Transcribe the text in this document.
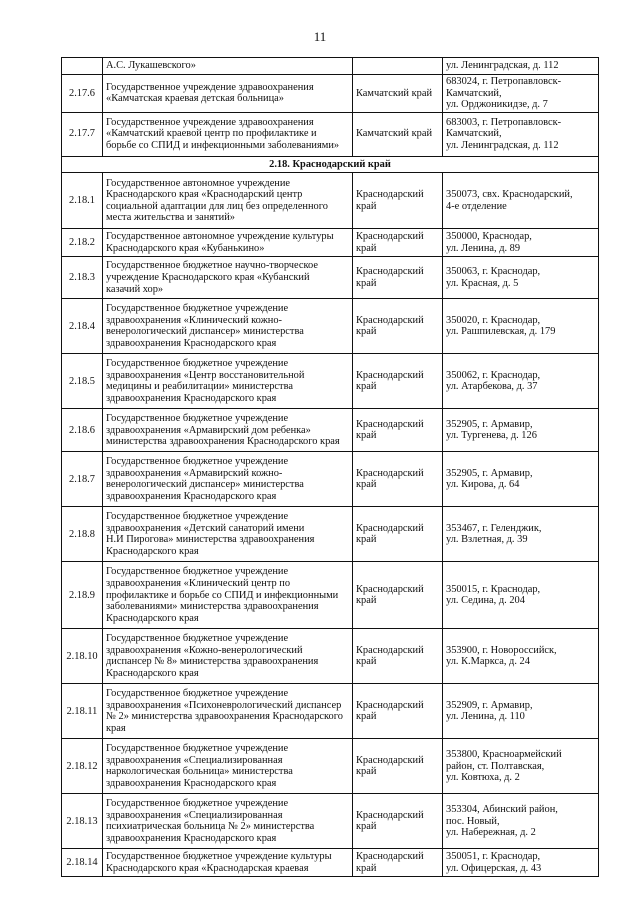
11
	А.С. Лукашевского»		ул. Ленинградская, д. 112
2.17.6	Государственное учреждение здравоохранения
«Камчатская краевая детская больница»	Камчатский край	683024, г. Петропавловск-
Камчатский,
ул. Орджоникидзе, д. 7
2.17.7	Государственное учреждение здравоохранения
«Камчатский краевой центр по профилактике и
борьбе со СПИД и инфекционными заболеваниями»	Камчатский край	683003, г. Петропавловск-
Камчатский,
ул. Ленинградская, д. 112
2.18. Краснодарский край			
2.18.1	Государственное автономное учреждение
Краснодарского края «Краснодарский центр
социальной адаптации для лиц без определенного
места жительства и занятий»	Краснодарский
край	350073, свх. Краснодарский,
4-е отделение
2.18.2	Государственное автономное учреждение культуры
Краснодарского края «Кубанькино»	Краснодарский
край	350000, Краснодар,
ул. Ленина, д. 89
2.18.3	Государственное бюджетное научно-творческое
учреждение Краснодарского края «Кубанский
казачий хор»	Краснодарский
край	350063, г. Краснодар,
ул. Красная, д. 5
2.18.4	Государственное бюджетное учреждение
здравоохранения «Клинический кожно-
венерологический диспансер» министерства
здравоохранения Краснодарского края	Краснодарский
край	350020, г. Краснодар,
ул. Рашпилевская, д. 179
2.18.5	Государственное бюджетное учреждение
здравоохранения «Центр восстановительной
медицины и реабилитации» министерства
здравоохранения Краснодарского края	Краснодарский
край	350062, г. Краснодар,
ул. Атарбекова, д. 37
2.18.6	Государственное бюджетное учреждение
здравоохранения «Армавирский дом ребенка»
министерства здравоохранения Краснодарского края	Краснодарский
край	352905, г. Армавир,
ул. Тургенева, д. 126
2.18.7	Государственное бюджетное учреждение
здравоохранения «Армавирский кожно-
венерологический диспансер» министерства
здравоохранения Краснодарского края	Краснодарский
край	352905, г. Армавир,
ул. Кирова, д. 64
2.18.8	Государственное бюджетное учреждение
здравоохранения «Детский санаторий имени
Н.И Пирогова» министерства здравоохранения
Краснодарского края	Краснодарский
край	353467, г. Геленджик,
ул. Взлетная, д. 39
2.18.9	Государственное бюджетное учреждение
здравоохранения «Клинический центр по
профилактике и борьбе со СПИД и инфекционными
заболеваниями» министерства здравоохранения
Краснодарского края	Краснодарский
край	350015, г. Краснодар,
ул. Седина, д. 204
2.18.10	Государственное бюджетное учреждение
здравоохранения «Кожно-венерологический
диспансер № 8» министерства здравоохранения
Краснодарского края	Краснодарский
край	353900, г. Новороссийск,
ул. К.Маркса, д. 24
2.18.11	Государственное бюджетное учреждение
здравоохранения «Психоневрологический диспансер
№ 2» министерства здравоохранения Краснодарского
края	Краснодарский
край	352909, г. Армавир,
ул. Ленина, д. 110
2.18.12	Государственное бюджетное учреждение
здравоохранения «Специализированная
наркологическая больница» министерства
здравоохранения Краснодарского края	Краснодарский
край	353800, Красноармейский
район, ст. Полтавская,
ул. Ковтюха, д. 2
2.18.13	Государственное бюджетное учреждение
здравоохранения «Специализированная
психиатрическая больница № 2» министерства
здравоохранения Краснодарского края	Краснодарский
край	353304, Абинский район,
пос. Новый,
ул. Набережная, д. 2
2.18.14	Государственное бюджетное учреждение культуры
Краснодарского края «Краснодарская краевая	Краснодарский
край	350051, г. Краснодар,
ул. Офицерская, д. 43
